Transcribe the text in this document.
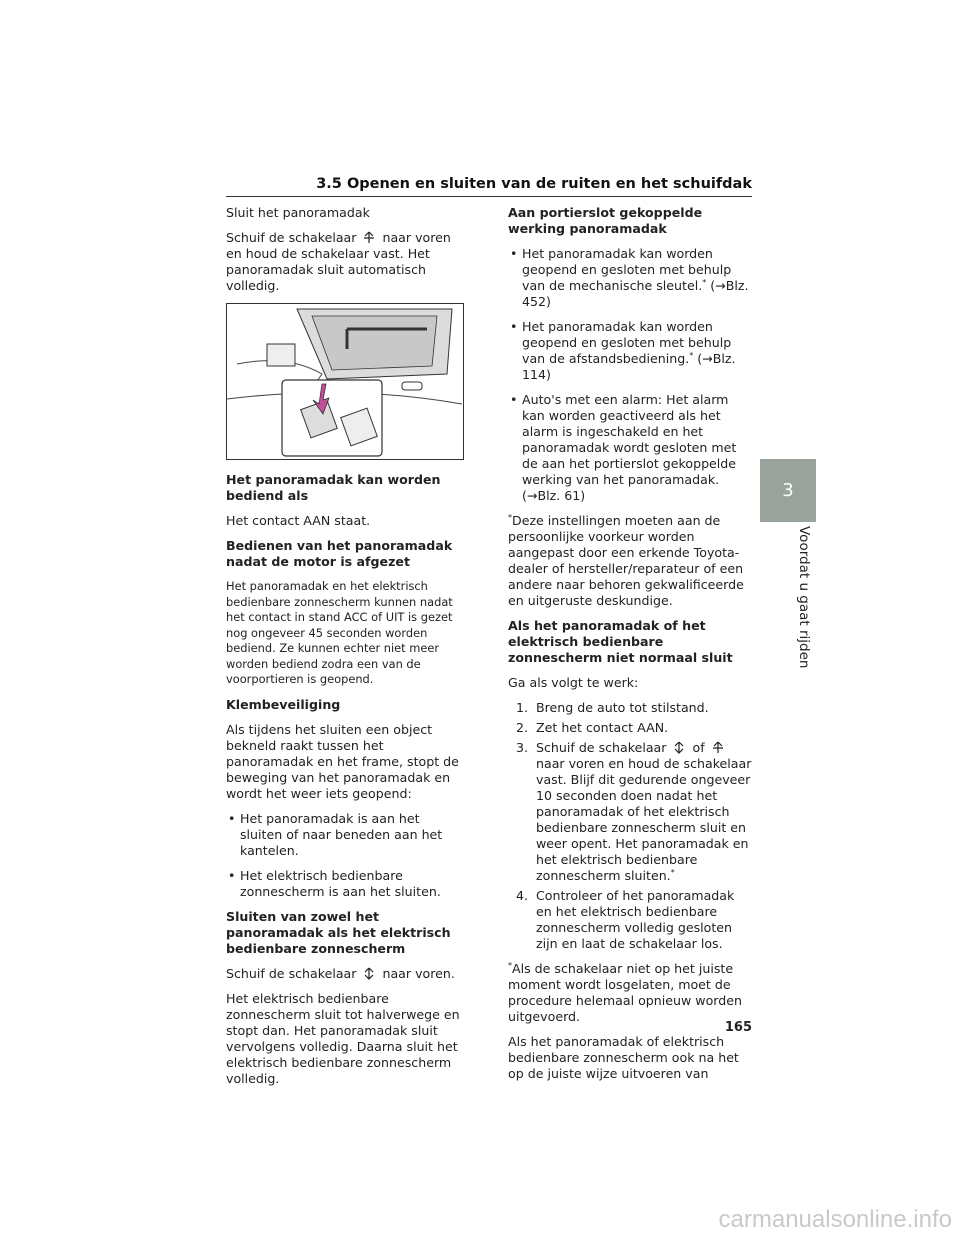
3.5 Openen en sluiten van de ruiten en het schuifdak

Sluit het panoramadak

Schuif de schakelaar naar voren en houd de schakelaar vast. Het panoramadak sluit automatisch volledig.

Het panoramadak kan worden bediend als

Het contact AAN staat.

Bedienen van het panoramadak nadat de motor is afgezet

Het panoramadak en het elektrisch bedienbare zonnescherm kunnen nadat het contact in stand ACC of UIT is gezet nog ongeveer 45 seconden worden bediend. Ze kunnen echter niet meer worden bediend zodra een van de voorportieren is geopend.

Klembeveiliging

Als tijdens het sluiten een object bekneld raakt tussen het panoramadak en het frame, stopt de beweging van het panoramadak en wordt het weer iets geopend:

• Het panoramadak is aan het sluiten of naar beneden aan het kantelen.
• Het elektrisch bedienbare zonnescherm is aan het sluiten.

Sluiten van zowel het panoramadak als het elektrisch bedienbare zonnescherm

Schuif de schakelaar naar voren.

Het elektrisch bedienbare zonnescherm sluit tot halverwege en stopt dan. Het panoramadak sluit vervolgens volledig. Daarna sluit het elektrisch bedienbare zonnescherm volledig.

Aan portierslot gekoppelde werking panoramadak

• Het panoramadak kan worden geopend en gesloten met behulp van de mechanische sleutel.* (→Blz. 452)
• Het panoramadak kan worden geopend en gesloten met behulp van de afstandsbediening.* (→Blz. 114)
• Auto's met een alarm: Het alarm kan worden geactiveerd als het alarm is ingeschakeld en het panoramadak wordt gesloten met de aan het portierslot gekoppelde werking van het panoramadak. (→Blz. 61)

*Deze instellingen moeten aan de persoonlijke voorkeur worden aangepast door een erkende Toyota-dealer of hersteller/reparateur of een andere naar behoren gekwalificeerde en uitgeruste deskundige.

Als het panoramadak of het elektrisch bedienbare zonnescherm niet normaal sluit

Ga als volgt te werk:

1. Breng de auto tot stilstand.
2. Zet het contact AAN.
3. Schuif de schakelaar of  naar voren en houd de schakelaar vast. Blijf dit gedurende ongeveer 10 seconden doen nadat het panoramadak of het elektrisch bedienbare zonnescherm sluit en weer opent. Het panoramadak en het elektrisch bedienbare zonnescherm sluiten.*
4. Controleer of het panoramadak en het elektrisch bedienbare zonnescherm volledig gesloten zijn en laat de schakelaar los.

*Als de schakelaar niet op het juiste moment wordt losgelaten, moet de procedure helemaal opnieuw worden uitgevoerd.

Als het panoramadak of elektrisch bedienbare zonnescherm ook na het op de juiste wijze uitvoeren van

3
Voordat u gaat rijden
165
carmanualsonline.info
